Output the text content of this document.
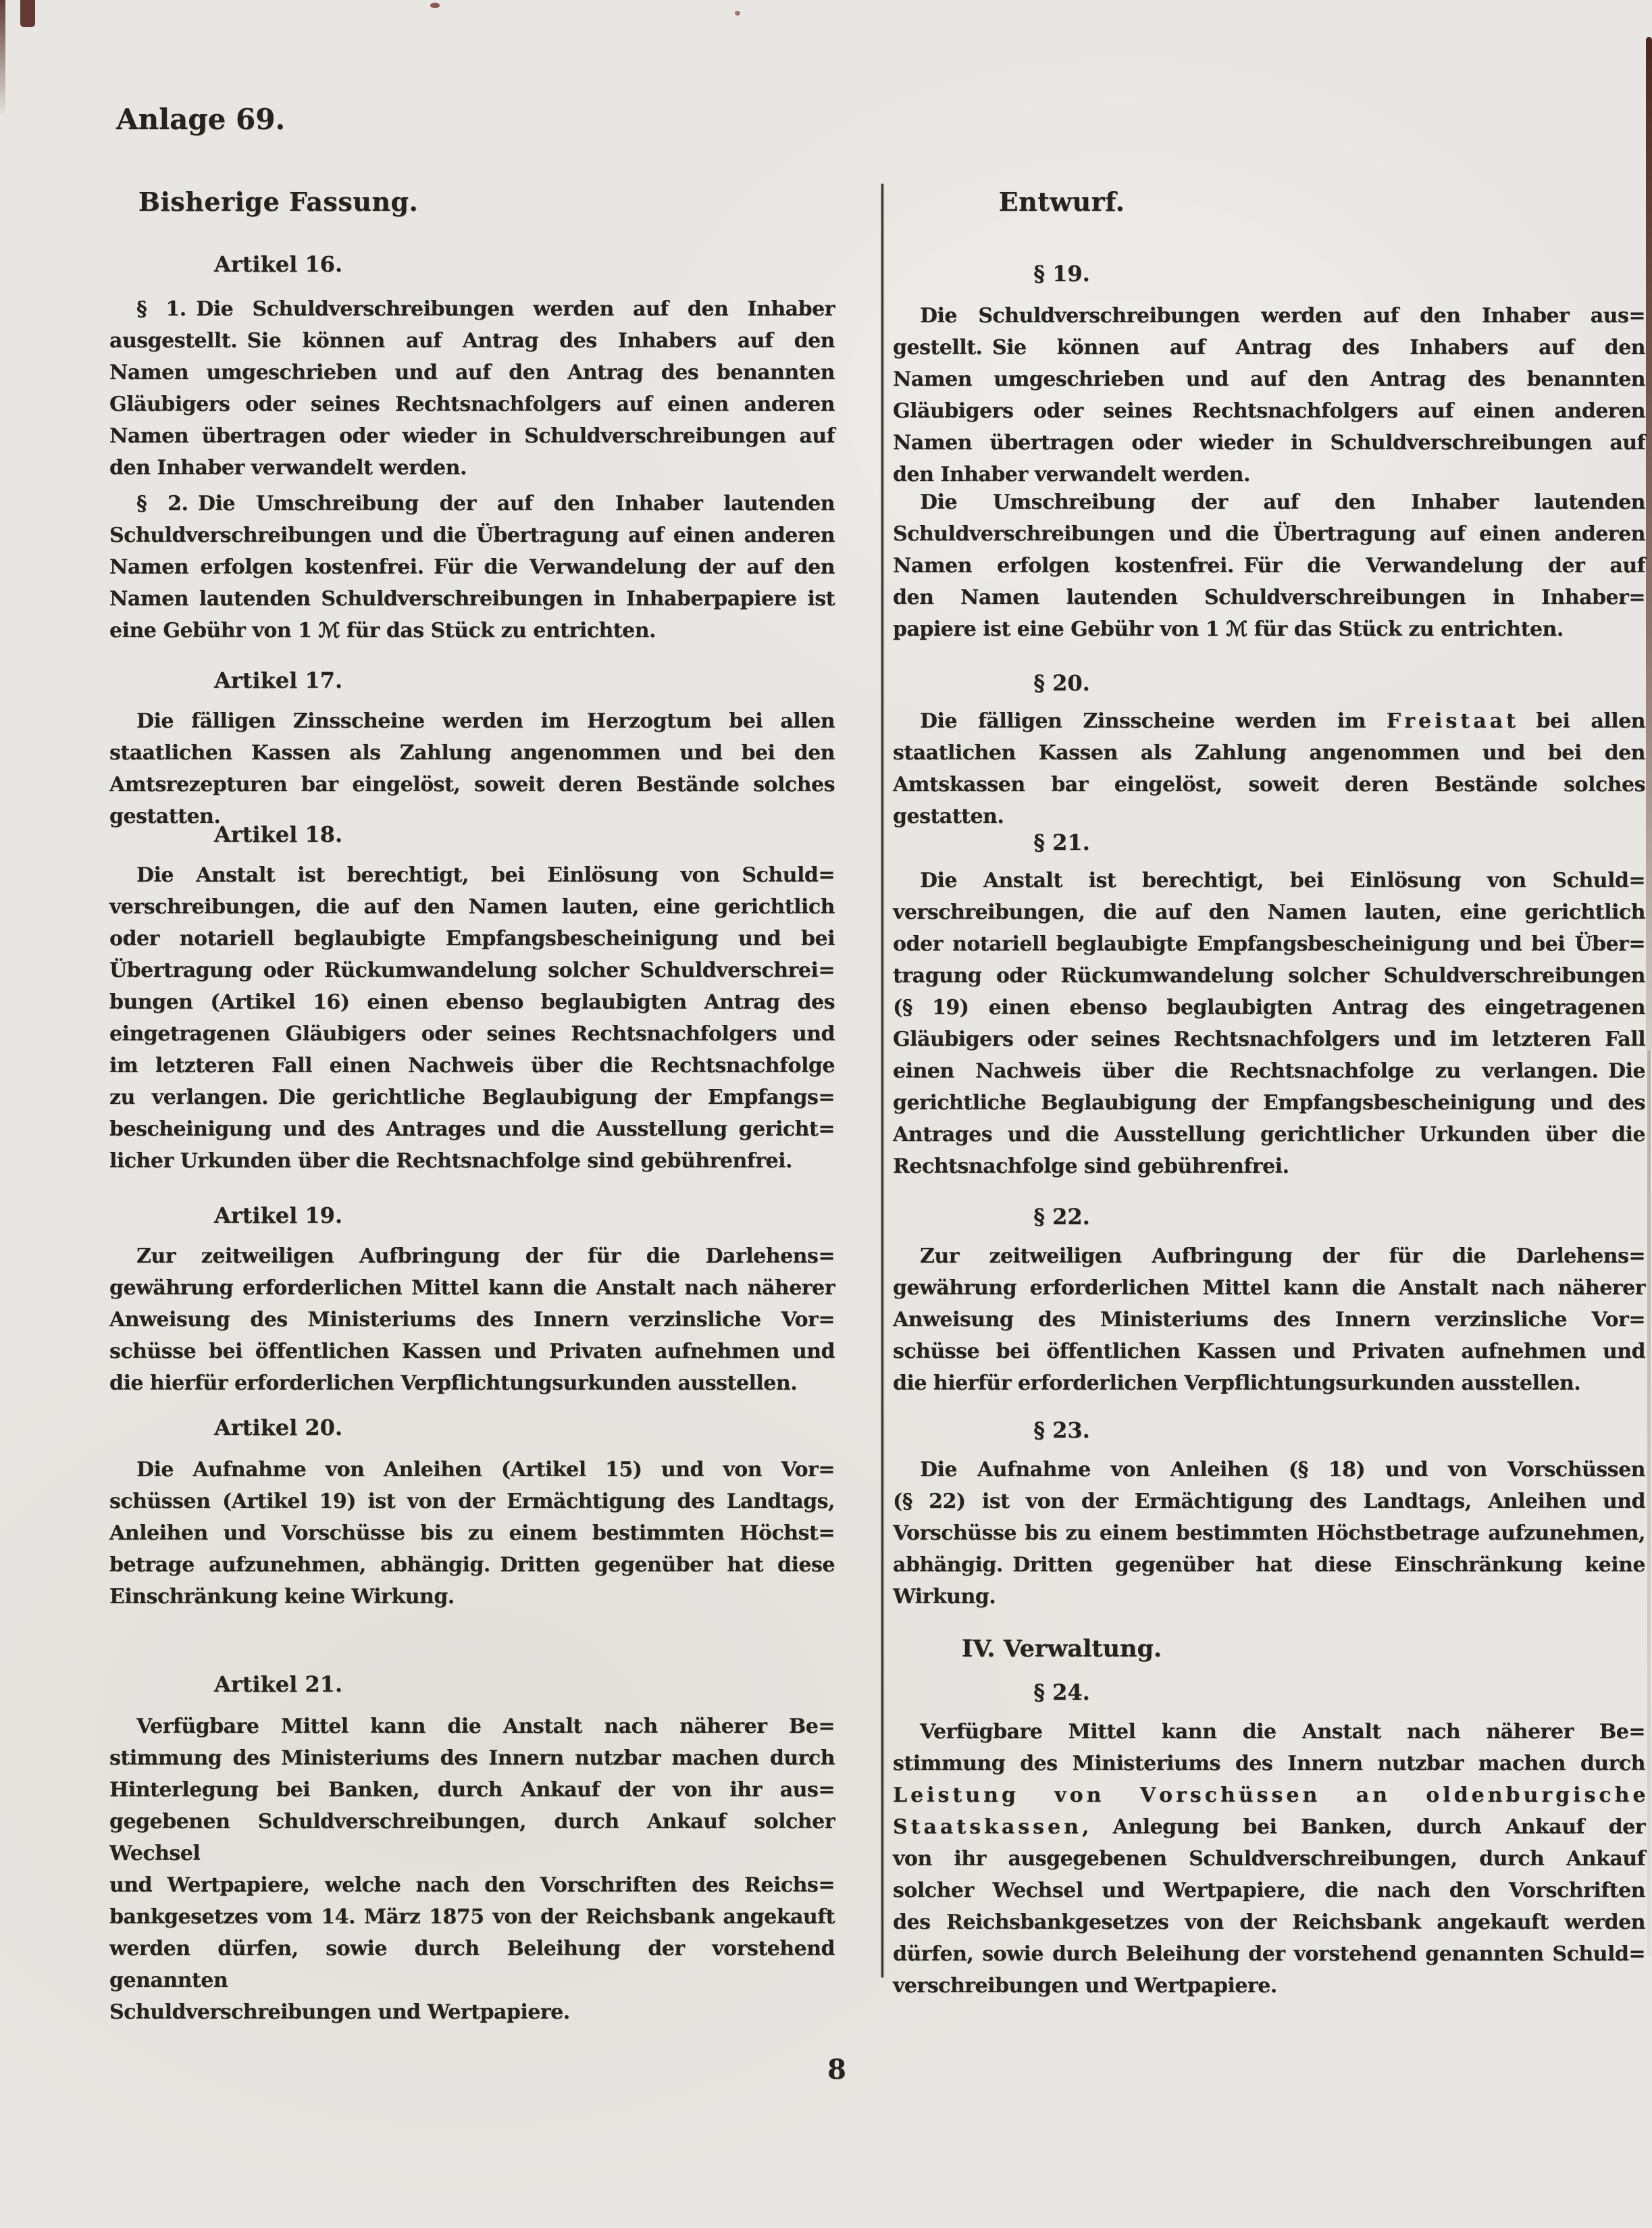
Anlage 69.
Bisherige Fassung.
Artikel 16.
§ 1. Die Schuldverschreibungen werden auf den Inhaber
ausgestellt. Sie können auf Antrag des Inhabers auf den
Namen umgeschrieben und auf den Antrag des benannten
Gläubigers oder seines Rechtsnachfolgers auf einen anderen
Namen übertragen oder wieder in Schuldverschreibungen auf
den Inhaber verwandelt werden.
§ 2. Die Umschreibung der auf den Inhaber lautenden
Schuldverschreibungen und die Übertragung auf einen anderen
Namen erfolgen kostenfrei. Für die Verwandelung der auf den
Namen lautenden Schuldverschreibungen in Inhaberpapiere ist
eine Gebühr von 1 ℳ für das Stück zu entrichten.
Artikel 17.
Die fälligen Zinsscheine werden im Herzogtum bei allen
staatlichen Kassen als Zahlung angenommen und bei den
Amtsrezepturen bar eingelöst, soweit deren Bestände solches
gestatten.
Artikel 18.
Die Anstalt ist berechtigt, bei Einlösung von Schuld=
verschreibungen, die auf den Namen lauten, eine gerichtlich
oder notariell beglaubigte Empfangsbescheinigung und bei
Übertragung oder Rückumwandelung solcher Schuldverschrei=
bungen (Artikel 16) einen ebenso beglaubigten Antrag des
eingetragenen Gläubigers oder seines Rechtsnachfolgers und
im letzteren Fall einen Nachweis über die Rechtsnachfolge
zu verlangen. Die gerichtliche Beglaubigung der Empfangs=
bescheinigung und des Antrages und die Ausstellung gericht=
licher Urkunden über die Rechtsnachfolge sind gebührenfrei.
Artikel 19.
Zur zeitweiligen Aufbringung der für die Darlehens=
gewährung erforderlichen Mittel kann die Anstalt nach näherer
Anweisung des Ministeriums des Innern verzinsliche Vor=
schüsse bei öffentlichen Kassen und Privaten aufnehmen und
die hierfür erforderlichen Verpflichtungsurkunden ausstellen.
Artikel 20.
Die Aufnahme von Anleihen (Artikel 15) und von Vor=
schüssen (Artikel 19) ist von der Ermächtigung des Landtags,
Anleihen und Vorschüsse bis zu einem bestimmten Höchst=
betrage aufzunehmen, abhängig. Dritten gegenüber hat diese
Einschränkung keine Wirkung.
Artikel 21.
Verfügbare Mittel kann die Anstalt nach näherer Be=
stimmung des Ministeriums des Innern nutzbar machen durch
Hinterlegung bei Banken, durch Ankauf der von ihr aus=
gegebenen Schuldverschreibungen, durch Ankauf solcher Wechsel
und Wertpapiere, welche nach den Vorschriften des Reichs=
bankgesetzes vom 14. März 1875 von der Reichsbank angekauft
werden dürfen, sowie durch Beleihung der vorstehend genannten
Schuldverschreibungen und Wertpapiere.
Entwurf.
§ 19.
Die Schuldverschreibungen werden auf den Inhaber aus=
gestellt. Sie können auf Antrag des Inhabers auf den
Namen umgeschrieben und auf den Antrag des benannten
Gläubigers oder seines Rechtsnachfolgers auf einen anderen
Namen übertragen oder wieder in Schuldverschreibungen auf
den Inhaber verwandelt werden.
Die Umschreibung der auf den Inhaber lautenden
Schuldverschreibungen und die Übertragung auf einen anderen
Namen erfolgen kostenfrei. Für die Verwandelung der auf
den Namen lautenden Schuldverschreibungen in Inhaber=
papiere ist eine Gebühr von 1 ℳ für das Stück zu entrichten.
§ 20.
Die fälligen Zinsscheine werden im F r e i s t a a t bei allen
staatlichen Kassen als Zahlung angenommen und bei den
Amtskassen bar eingelöst, soweit deren Bestände solches
gestatten.
§ 21.
Die Anstalt ist berechtigt, bei Einlösung von Schuld=
verschreibungen, die auf den Namen lauten, eine gerichtlich
oder notariell beglaubigte Empfangsbescheinigung und bei Über=
tragung oder Rückumwandelung solcher Schuldverschreibungen
(§ 19) einen ebenso beglaubigten Antrag des eingetragenen
Gläubigers oder seines Rechtsnachfolgers und im letzteren Fall
einen Nachweis über die Rechtsnachfolge zu verlangen. Die
gerichtliche Beglaubigung der Empfangsbescheinigung und des
Antrages und die Ausstellung gerichtlicher Urkunden über die
Rechtsnachfolge sind gebührenfrei.
§ 22.
Zur zeitweiligen Aufbringung der für die Darlehens=
gewährung erforderlichen Mittel kann die Anstalt nach näherer
Anweisung des Ministeriums des Innern verzinsliche Vor=
schüsse bei öffentlichen Kassen und Privaten aufnehmen und
die hierfür erforderlichen Verpflichtungsurkunden ausstellen.
§ 23.
Die Aufnahme von Anleihen (§ 18) und von Vorschüssen
(§ 22) ist von der Ermächtigung des Landtags, Anleihen und
Vorschüsse bis zu einem bestimmten Höchstbetrage aufzunehmen,
abhängig. Dritten gegenüber hat diese Einschränkung keine
Wirkung.
IV. Verwaltung.
§ 24.
Verfügbare Mittel kann die Anstalt nach näherer Be=
stimmung des Ministeriums des Innern nutzbar machen durch
L e i s t u n g v o n V o r s c h ü s s e n a n o l d e n b u r g i s c h e
S t a a t s k a s s e n , Anlegung bei Banken, durch Ankauf der
von ihr ausgegebenen Schuldverschreibungen, durch Ankauf
solcher Wechsel und Wertpapiere, die nach den Vorschriften
des Reichsbankgesetzes von der Reichsbank angekauft werden
dürfen, sowie durch Beleihung der vorstehend genannten Schuld=
verschreibungen und Wertpapiere.
8
